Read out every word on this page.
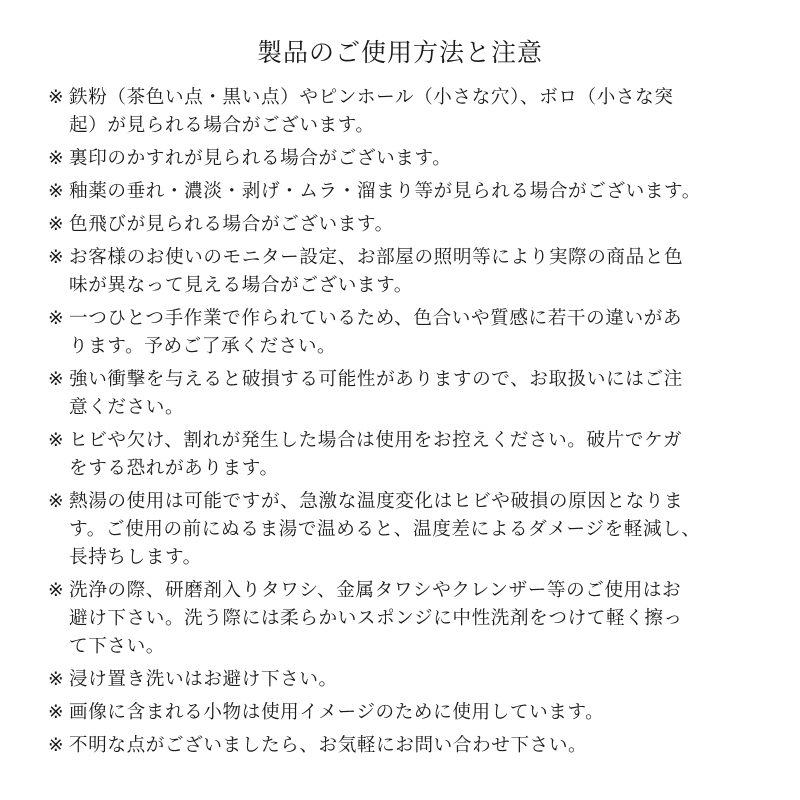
製品のご使用方法と注意
※ 鉄粉（茶色い点・黒い点）やピンホール（小さな穴）、ボロ（小さな突
起）が見られる場合がございます。
※ 裏印のかすれが見られる場合がございます。
※ 釉薬の垂れ・濃淡・剥げ・ムラ・溜まり等が見られる場合がございます。
※ 色飛びが見られる場合がございます。
※ お客様のお使いのモニター設定、お部屋の照明等により実際の商品と色
味が異なって見える場合がございます。
※ 一つひとつ手作業で作られているため、色合いや質感に若干の違いがあ
ります。予めご了承ください。
※ 強い衝撃を与えると破損する可能性がありますので、お取扱いにはご注
意ください。
※ ヒビや欠け、割れが発生した場合は使用をお控えください。破片でケガ
をする恐れがあります。
※ 熱湯の使用は可能ですが、急激な温度変化はヒビや破損の原因となりま
す。ご使用の前にぬるま湯で温めると、温度差によるダメージを軽減し、
長持ちします。
※ 洗浄の際、研磨剤入りタワシ、金属タワシやクレンザー等のご使用はお
避け下さい。洗う際には柔らかいスポンジに中性洗剤をつけて軽く擦っ
て下さい。
※ 浸け置き洗いはお避け下さい。
※ 画像に含まれる小物は使用イメージのために使用しています。
※ 不明な点がございましたら、お気軽にお問い合わせ下さい。
